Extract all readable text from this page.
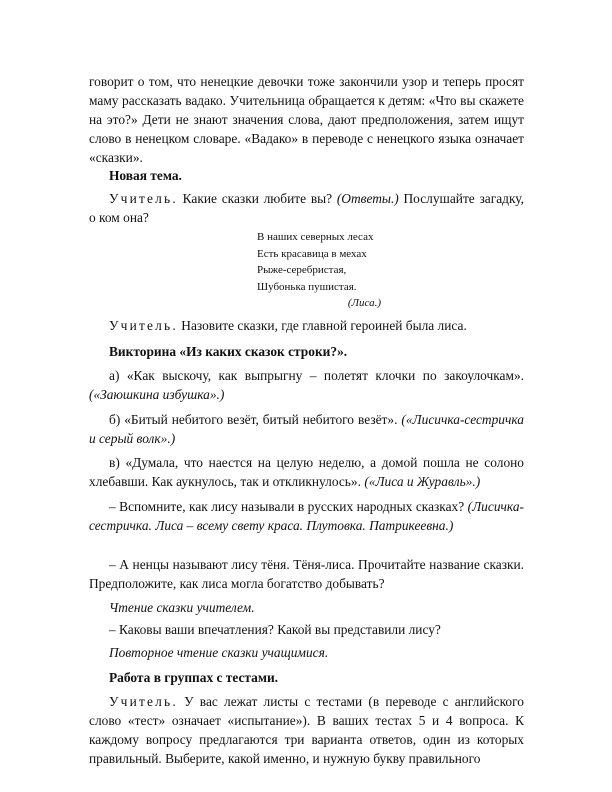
говорит о том, что ненецкие девочки тоже закончили узор и теперь просят маму рассказать вадако. Учительница обращается к детям: «Что вы скажете на это?» Дети не знают значения слова, дают предположения, затем ищут слово в ненецком словаре. «Вадако» в переводе с ненецкого языка означает «сказки».

Новая тема.

Учитель. Какие сказки любите вы? (Ответы.) Послушайте загадку, о ком она?

В наших северных лесах
Есть красавица в мехах
Рыже-серебристая,
Шубонька пушистая.
(Лиса.)

Учитель. Назовите сказки, где главной героиней была лиса.

Викторина «Из каких сказок строки?».

а) «Как выскочу, как выпрыгну – полетят клочки по закоулочкам». («Заюшкина избушка».)

б) «Битый небитого везёт, битый небитого везёт». («Лисичка-сестричка и серый волк».)

в) «Думала, что наестся на целую неделю, а домой пошла не солоно хлебавши. Как аукнулось, так и откликнулось». («Лиса и Журавль».)

– Вспомните, как лису называли в русских народных сказках? (Лисичка-сестричка. Лиса – всему свету краса. Плутовка. Патрикеевна.)

– А ненцы называют лису тёня. Тёня-лиса. Прочитайте название сказки. Предположите, как лиса могла богатство добывать?

Чтение сказки учителем.

– Каковы ваши впечатления? Какой вы представили лису?

Повторное чтение сказки учащимися.

Работа в группах с тестами.

Учитель. У вас лежат листы с тестами (в переводе с английского слово «тест» означает «испытание»). В ваших тестах 5 и 4 вопроса. К каждому вопросу предлагаются три варианта ответов, один из которых правильный. Выберите, какой именно, и нужную букву правильного
